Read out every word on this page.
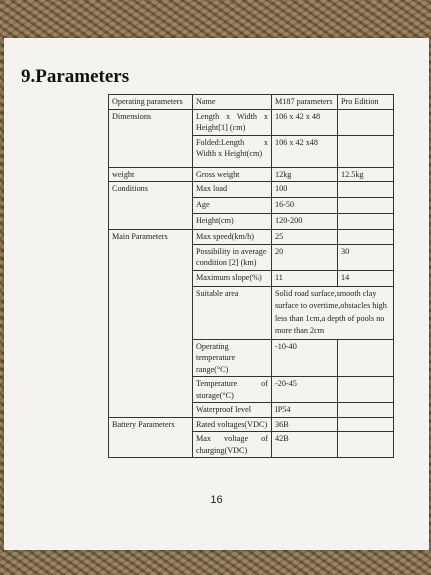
9.Parameters
Operating parameters	Name	M187 parameters	Pro Edition
Dimensions	Length x Width x Height[1] (cm)	106 x 42 x 48	
	Folded:Length x Width x Height(cm)	106 x 42 x48	
weight	Gross weight	12kg	12.5kg
Conditions	Max load	100	
	Age	16-50	
	Height(cm)	120-200	
Main Parameters	Max speed(km/h)	25	
	Possibility in average condition [2] (km)	20	30
	Maximum slope(%)	11	14
	Suitable area	Solid road surface,smooth clay surface to overtime,obstacles high less than 1cm,a depth of pools no more than 2cm	
	Operating temperature range(°C)	-10-40	
	Temperature of storage(°C)	-20-45	
	Waterproof level	IP54	
Battery Parameters	Rated voltages(VDC)	36B	
	Max voltage of charging(VDC)	42B	
16
